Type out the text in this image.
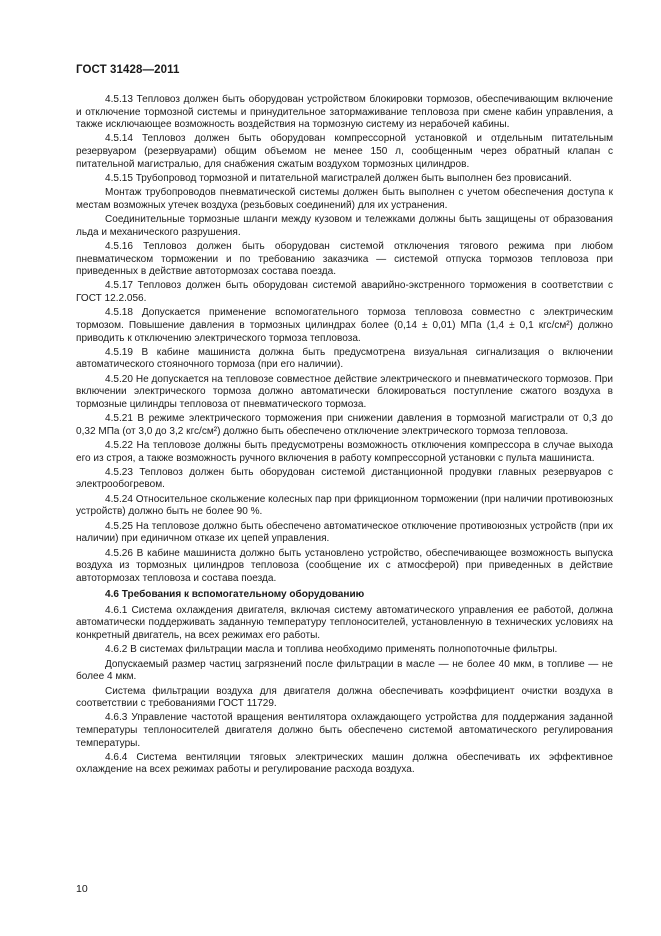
ГОСТ 31428—2011

4.5.13 Тепловоз должен быть оборудован устройством блокировки тормозов, обеспечивающим включение и отключение тормозной системы и принудительное затормаживание тепловоза при смене кабин управления, а также исключающее возможность воздействия на тормозную систему из нерабочей кабины.

4.5.14 Тепловоз должен быть оборудован компрессорной установкой и отдельным питательным резервуаром (резервуарами) общим объемом не менее 150 л, сообщенным через обратный клапан с питательной магистралью, для снабжения сжатым воздухом тормозных цилиндров.

4.5.15 Трубопровод тормозной и питательной магистралей должен быть выполнен без провисаний.

Монтаж трубопроводов пневматической системы должен быть выполнен с учетом обеспечения доступа к местам возможных утечек воздуха (резьбовых соединений) для их устранения.

Соединительные тормозные шланги между кузовом и тележками должны быть защищены от образования льда и механического разрушения.

4.5.16 Тепловоз должен быть оборудован системой отключения тягового режима при любом пневматическом торможении и по требованию заказчика — системой отпуска тормозов тепловоза при приведенных в действие автотормозах состава поезда.

4.5.17 Тепловоз должен быть оборудован системой аварийно-экстренного торможения в соответствии с ГОСТ 12.2.056.

4.5.18 Допускается применение вспомогательного тормоза тепловоза совместно с электрическим тормозом. Повышение давления в тормозных цилиндрах более (0,14 ± 0,01) МПа (1,4 ± 0,1 кгс/см²) должно приводить к отключению электрического тормоза тепловоза.

4.5.19 В кабине машиниста должна быть предусмотрена визуальная сигнализация о включении автоматического стояночного тормоза (при его наличии).

4.5.20 Не допускается на тепловозе совместное действие электрического и пневматического тормозов. При включении электрического тормоза должно автоматически блокироваться поступление сжатого воздуха в тормозные цилиндры тепловоза от пневматического тормоза.

4.5.21 В режиме электрического торможения при снижении давления в тормозной магистрали от 0,3 до 0,32 МПа (от 3,0 до 3,2 кгс/см²) должно быть обеспечено отключение электрического тормоза тепловоза.

4.5.22 На тепловозе должны быть предусмотрены возможность отключения компрессора в случае выхода его из строя, а также возможность ручного включения в работу компрессорной установки с пульта машиниста.

4.5.23 Тепловоз должен быть оборудован системой дистанционной продувки главных резервуаров с электрообогревом.

4.5.24 Относительное скольжение колесных пар при фрикционном торможении (при наличии противоюзных устройств) должно быть не более 90 %.

4.5.25 На тепловозе должно быть обеспечено автоматическое отключение противоюзных устройств (при их наличии) при единичном отказе их цепей управления.

4.5.26 В кабине машиниста должно быть установлено устройство, обеспечивающее возможность выпуска воздуха из тормозных цилиндров тепловоза (сообщение их с атмосферой) при приведенных в действие автотормозах тепловоза и состава поезда.

4.6 Требования к вспомогательному оборудованию

4.6.1 Система охлаждения двигателя, включая систему автоматического управления ее работой, должна автоматически поддерживать заданную температуру теплоносителей, установленную в технических условиях на конкретный двигатель, на всех режимах его работы.

4.6.2 В системах фильтрации масла и топлива необходимо применять полнопоточные фильтры.

Допускаемый размер частиц загрязнений после фильтрации в масле — не более 40 мкм, в топливе — не более 4 мкм.

Система фильтрации воздуха для двигателя должна обеспечивать коэффициент очистки воздуха в соответствии с требованиями ГОСТ 11729.

4.6.3 Управление частотой вращения вентилятора охлаждающего устройства для поддержания заданной температуры теплоносителей двигателя должно быть обеспечено системой автоматического регулирования температуры.

4.6.4 Система вентиляции тяговых электрических машин должна обеспечивать их эффективное охлаждение на всех режимах работы и регулирование расхода воздуха.

10
